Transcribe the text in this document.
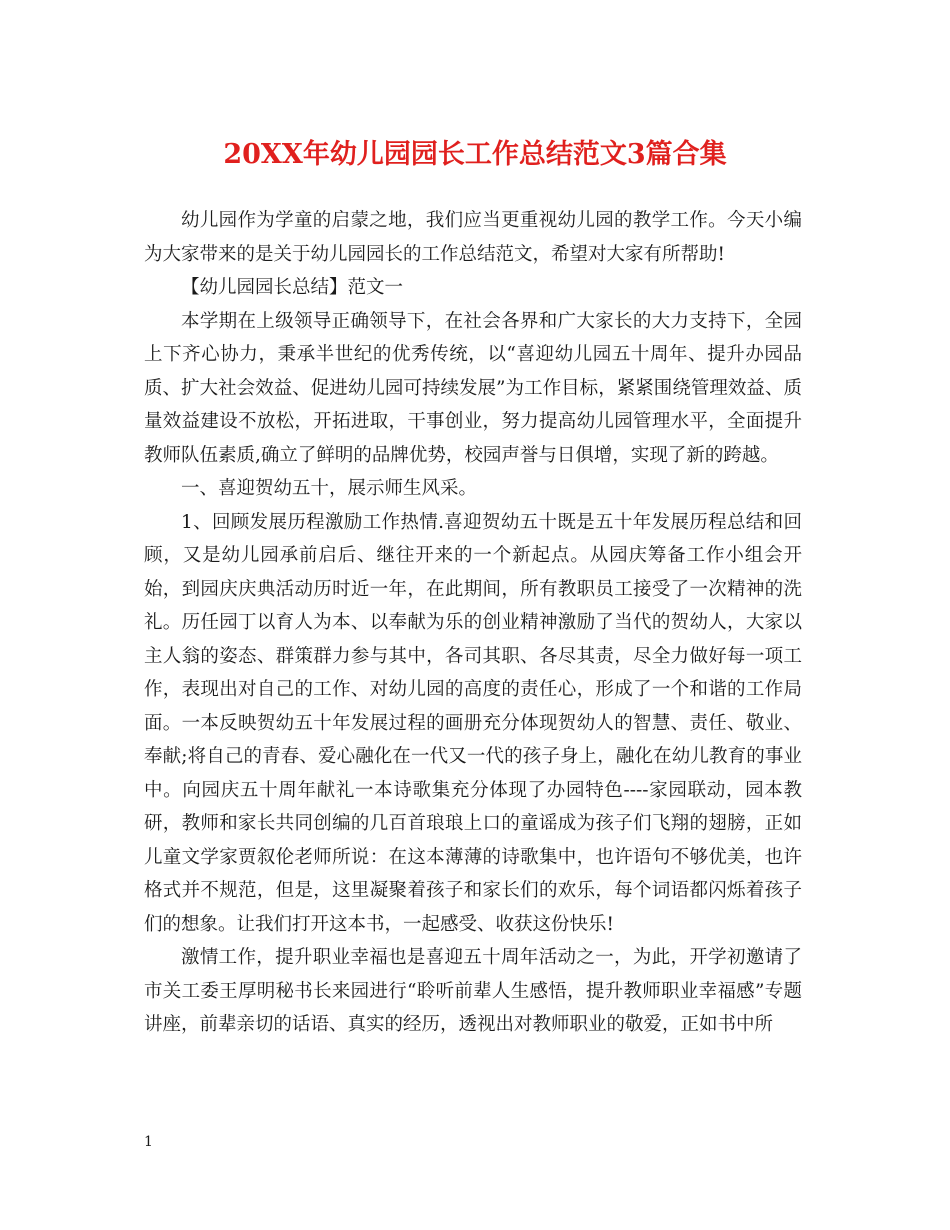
20XX年幼儿园园长工作总结范文3篇合集

幼儿园作为学童的启蒙之地，我们应当更重视幼儿园的教学工作。今天小编为大家带来的是关于幼儿园园长的工作总结范文，希望对大家有所帮助!

【幼儿园园长总结】范文一

本学期在上级领导正确领导下，在社会各界和广大家长的大力支持下，全园上下齐心协力，秉承半世纪的优秀传统，以“喜迎幼儿园五十周年、提升办园品质、扩大社会效益、促进幼儿园可持续发展”为工作目标，紧紧围绕管理效益、质量效益建设不放松，开拓进取，干事创业，努力提高幼儿园管理水平，全面提升教师队伍素质,确立了鲜明的品牌优势，校园声誉与日俱增，实现了新的跨越。

一、喜迎贺幼五十，展示师生风采。

1、回顾发展历程激励工作热情.喜迎贺幼五十既是五十年发展历程总结和回顾，又是幼儿园承前启后、继往开来的一个新起点。从园庆筹备工作小组会开始，到园庆庆典活动历时近一年，在此期间，所有教职员工接受了一次精神的洗礼。历任园丁以育人为本、以奉献为乐的创业精神激励了当代的贺幼人，大家以主人翁的姿态、群策群力参与其中，各司其职、各尽其责，尽全力做好每一项工作，表现出对自己的工作、对幼儿园的高度的责任心，形成了一个和谐的工作局面。一本反映贺幼五十年发展过程的画册充分体现贺幼人的智慧、责任、敬业、奉献;将自己的青春、爱心融化在一代又一代的孩子身上，融化在幼儿教育的事业中。向园庆五十周年献礼一本诗歌集充分体现了办园特色----家园联动，园本教研，教师和家长共同创编的几百首琅琅上口的童谣成为孩子们飞翔的翅膀，正如儿童文学家贾叙伦老师所说：在这本薄薄的诗歌集中，也许语句不够优美，也许格式并不规范，但是，这里凝聚着孩子和家长们的欢乐，每个词语都闪烁着孩子们的想象。让我们打开这本书，一起感受、收获这份快乐!

激情工作，提升职业幸福也是喜迎五十周年活动之一，为此，开学初邀请了市关工委王厚明秘书长来园进行“聆听前辈人生感悟，提升教师职业幸福感”专题讲座，前辈亲切的话语、真实的经历，透视出对教师职业的敬爱，正如书中所

1
